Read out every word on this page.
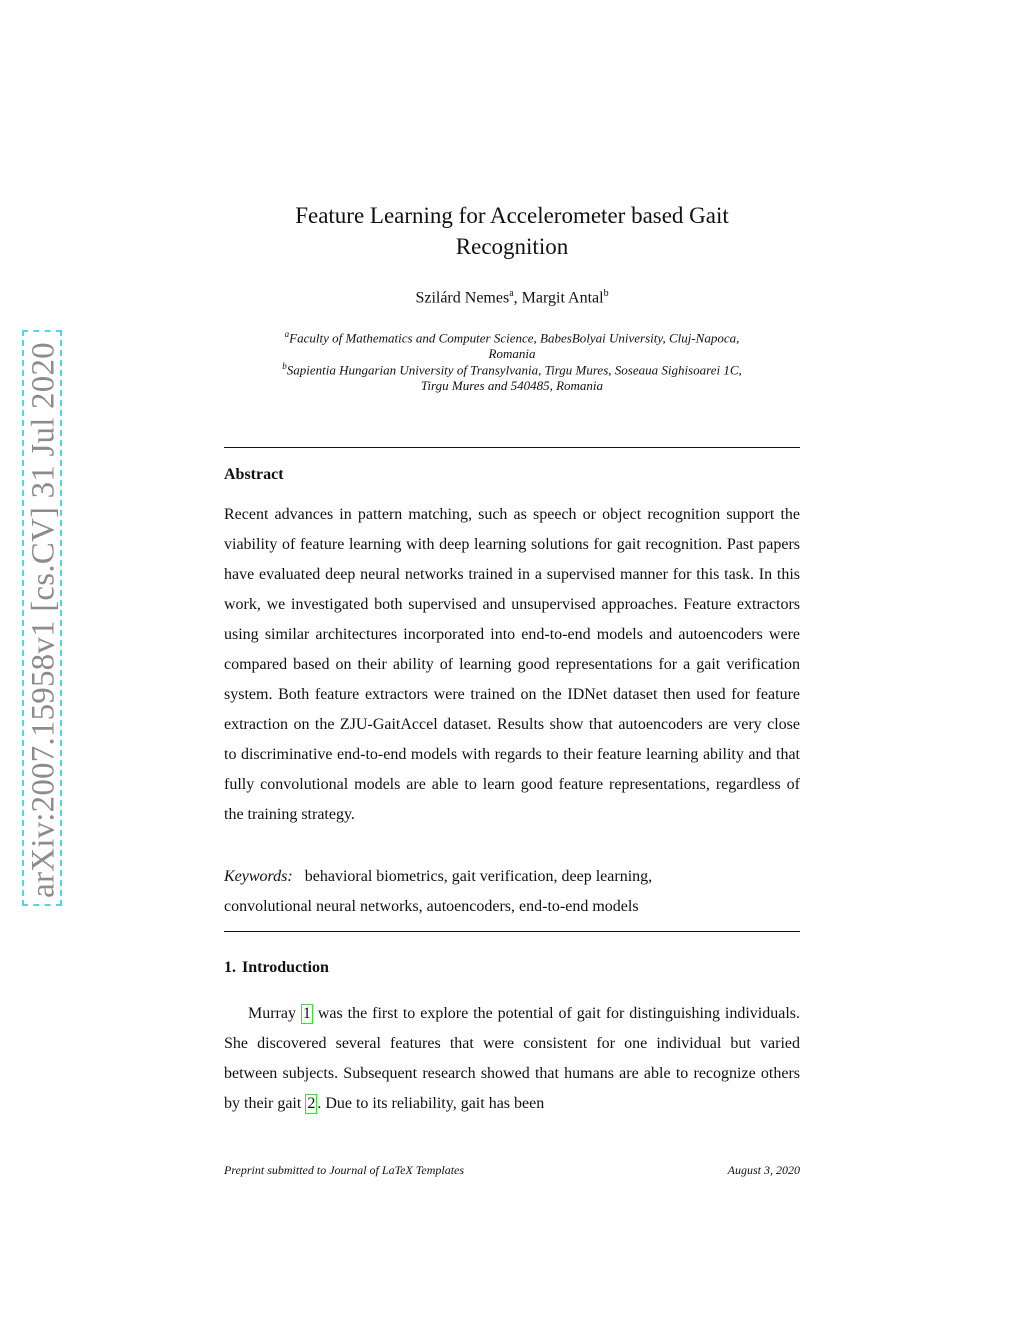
arXiv:2007.15958v1 [cs.CV] 31 Jul 2020
Feature Learning for Accelerometer based Gait
Recognition
Szilárd Nemes$^a$, Margit Antal$^b$
$^a$Faculty of Mathematics and Computer Science, BabesBolyai University, Cluj-Napoca,
Romania
$^b$Sapientia Hungarian University of Transylvania, Tirgu Mures, Soseaua Sighisoarei 1C,
Tirgu Mures and 540485, Romania
Abstract
Recent advances in pattern matching, such as speech or object recognition support the viability of feature learning with deep learning solutions for gait recognition. Past papers have evaluated deep neural networks trained in a supervised manner for this task. In this work, we investigated both supervised and unsupervised approaches. Feature extractors using similar architectures incorporated into end-to-end models and autoencoders were compared based on their ability of learning good representations for a gait verification system. Both feature extractors were trained on the IDNet dataset then used for feature extraction on the ZJU-GaitAccel dataset. Results show that autoencoders are very close to discriminative end-to-end models with regards to their feature learning ability and that fully convolutional models are able to learn good feature representations, regardless of the training strategy.
Keywords: behavioral biometrics, gait verification, deep learning,
convolutional neural networks, autoencoders, end-to-end models
1. Introduction
Murray 1 was the first to explore the potential of gait for distinguishing individuals. She discovered several features that were consistent for one individual but varied between subjects. Subsequent research showed that humans are able to recognize others by their gait 2 . Due to its reliability, gait has been
Preprint submitted to Journal of LaTeX Templates	August 3, 2020
